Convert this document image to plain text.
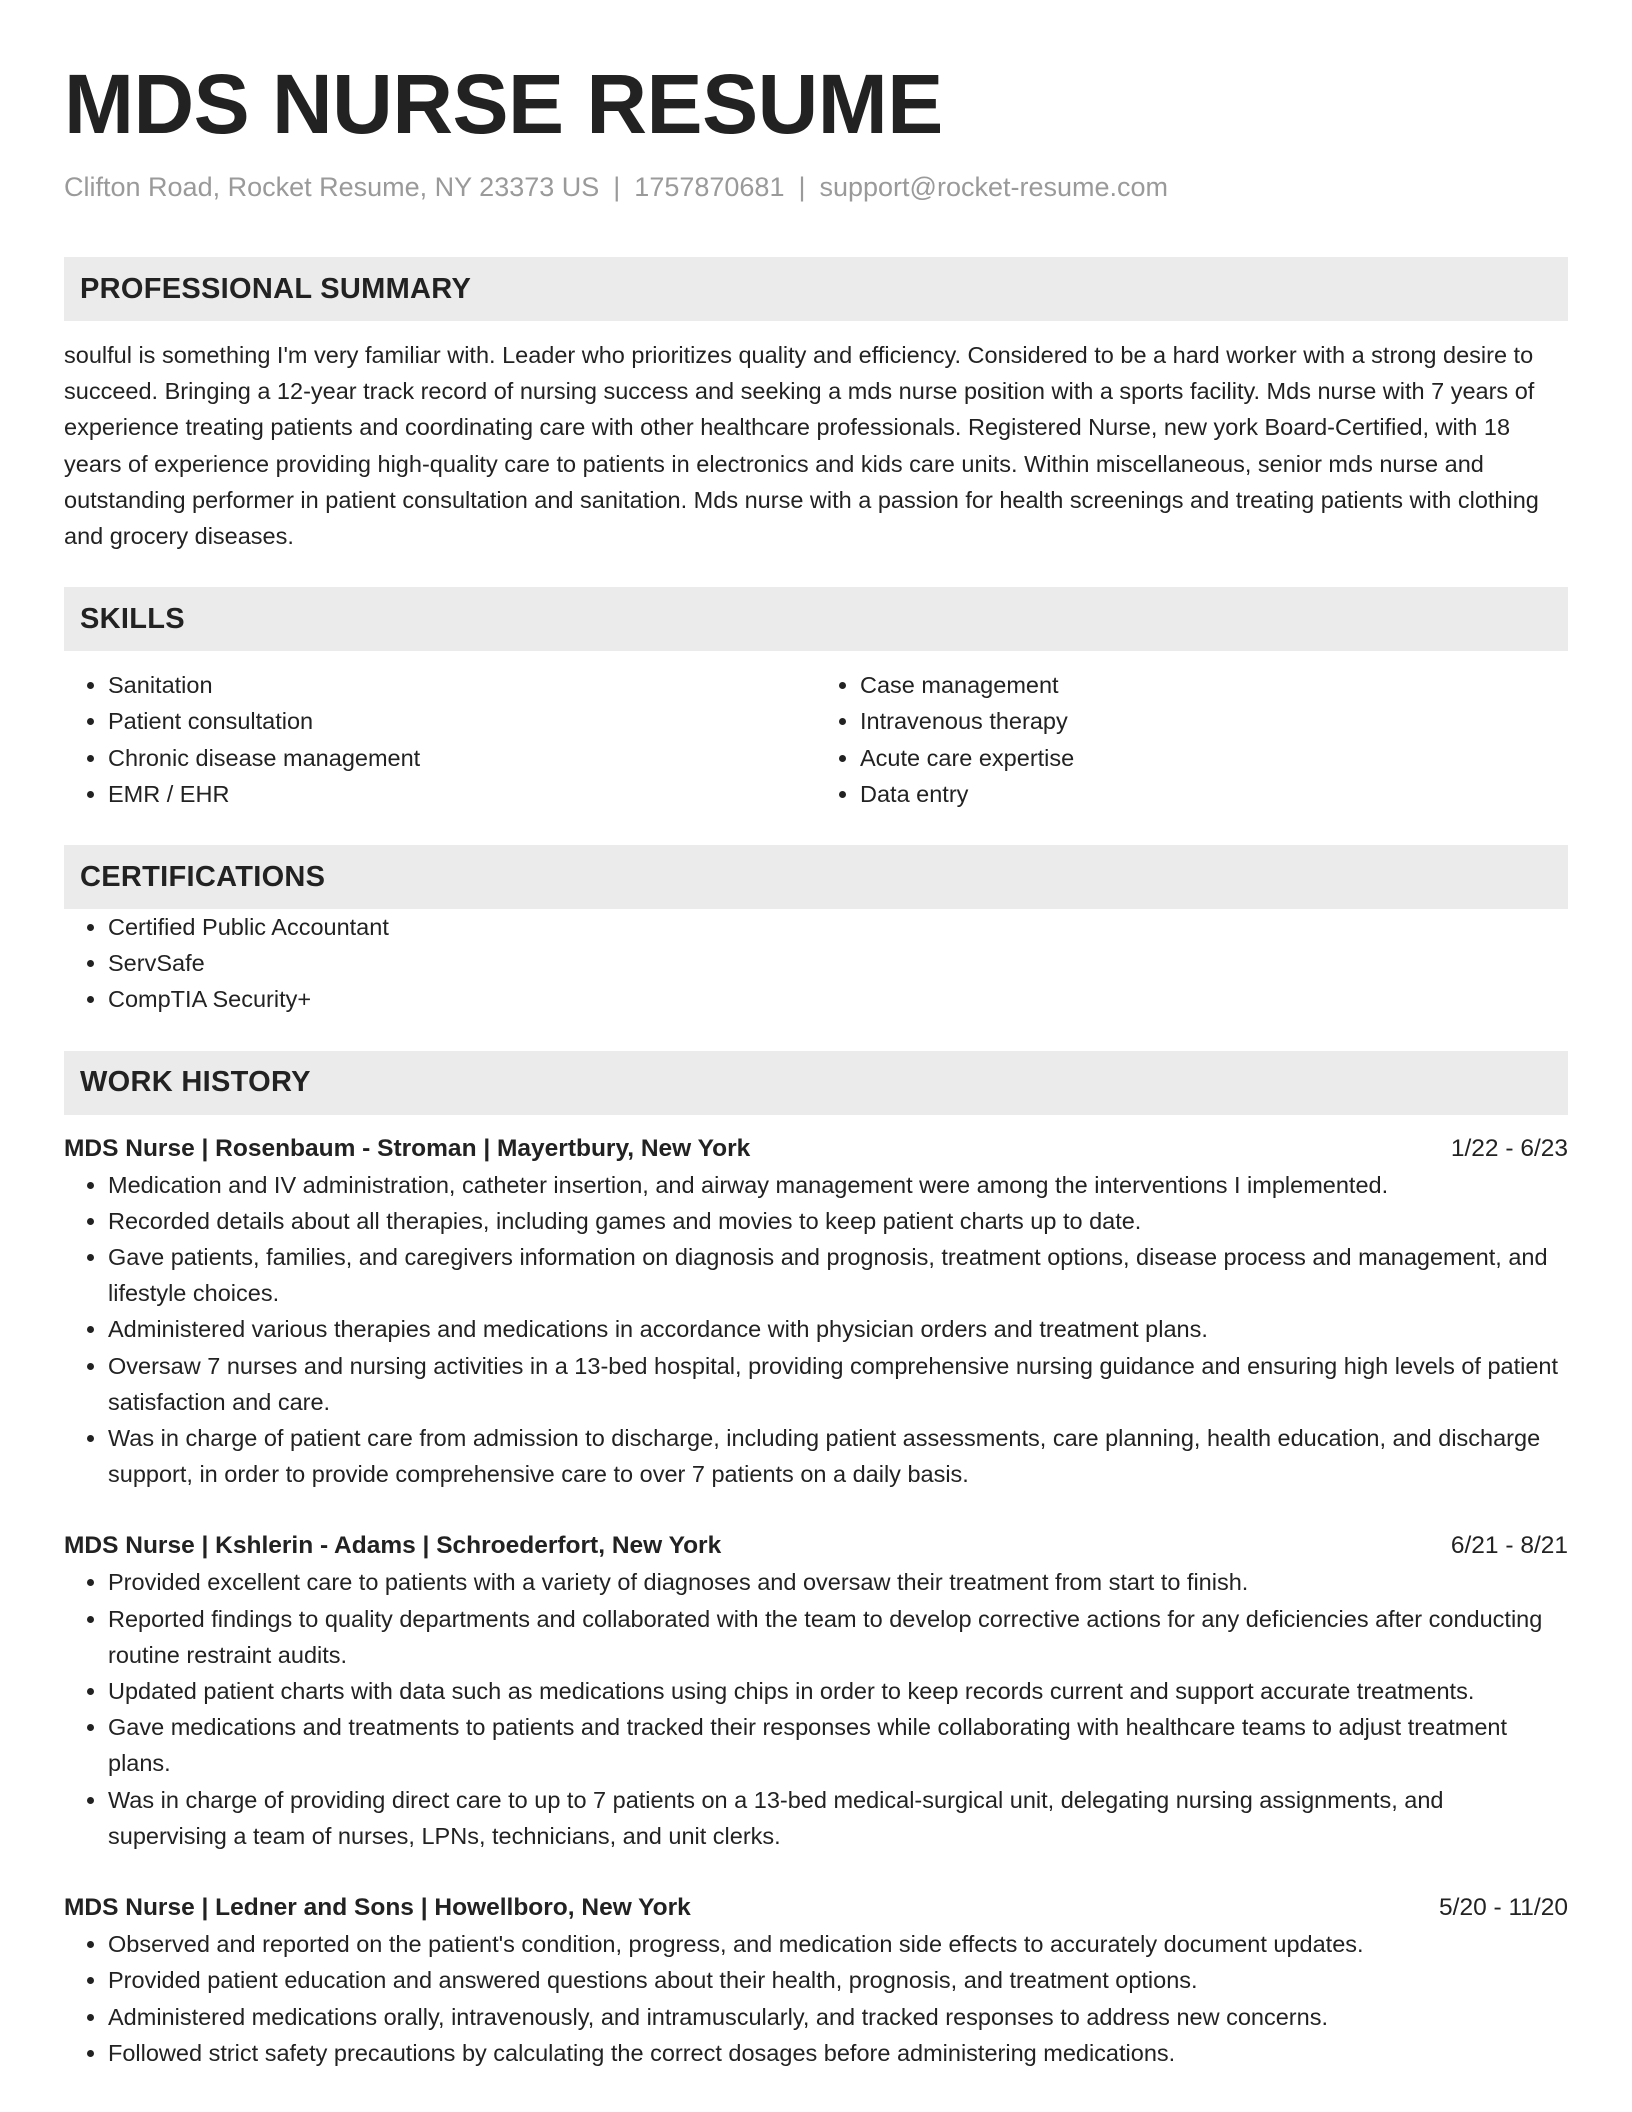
MDS NURSE RESUME
Clifton Road, Rocket Resume, NY 23373 US | 1757870681 | support@rocket-resume.com
PROFESSIONAL SUMMARY

soulful is something I'm very familiar with. Leader who prioritizes quality and efficiency. Considered to be a hard worker with a strong desire to succeed. Bringing a 12-year track record of nursing success and seeking a mds nurse position with a sports facility. Mds nurse with 7 years of experience treating patients and coordinating care with other healthcare professionals. Registered Nurse, new york Board-Certified, with 18 years of experience providing high-quality care to patients in electronics and kids care units. Within miscellaneous, senior mds nurse and outstanding performer in patient consultation and sanitation. Mds nurse with a passion for health screenings and treating patients with clothing and grocery diseases.

SKILLS
• Sanitation
• Patient consultation
• Chronic disease management
• EMR / EHR
• Case management
• Intravenous therapy
• Acute care expertise
• Data entry
CERTIFICATIONS
• Certified Public Accountant
• ServSafe
• CompTIA Security+
WORK HISTORY
MDS Nurse | Rosenbaum - Stroman | Mayertbury, New York	1/22 - 6/23
• Medication and IV administration, catheter insertion, and airway management were among the interventions I implemented.
• Recorded details about all therapies, including games and movies to keep patient charts up to date.
• Gave patients, families, and caregivers information on diagnosis and prognosis, treatment options, disease process and management, and lifestyle choices.
• Administered various therapies and medications in accordance with physician orders and treatment plans.
• Oversaw 7 nurses and nursing activities in a 13-bed hospital, providing comprehensive nursing guidance and ensuring high levels of patient satisfaction and care.
• Was in charge of patient care from admission to discharge, including patient assessments, care planning, health education, and discharge support, in order to provide comprehensive care to over 7 patients on a daily basis.
MDS Nurse | Kshlerin - Adams | Schroederfort, New York	6/21 - 8/21
• Provided excellent care to patients with a variety of diagnoses and oversaw their treatment from start to finish.
• Reported findings to quality departments and collaborated with the team to develop corrective actions for any deficiencies after conducting routine restraint audits.
• Updated patient charts with data such as medications using chips in order to keep records current and support accurate treatments.
• Gave medications and treatments to patients and tracked their responses while collaborating with healthcare teams to adjust treatment plans.
• Was in charge of providing direct care to up to 7 patients on a 13-bed medical-surgical unit, delegating nursing assignments, and supervising a team of nurses, LPNs, technicians, and unit clerks.
MDS Nurse | Ledner and Sons | Howellboro, New York	5/20 - 11/20
• Observed and reported on the patient's condition, progress, and medication side effects to accurately document updates.
• Provided patient education and answered questions about their health, prognosis, and treatment options.
• Administered medications orally, intravenously, and intramuscularly, and tracked responses to address new concerns.
• Followed strict safety precautions by calculating the correct dosages before administering medications.
